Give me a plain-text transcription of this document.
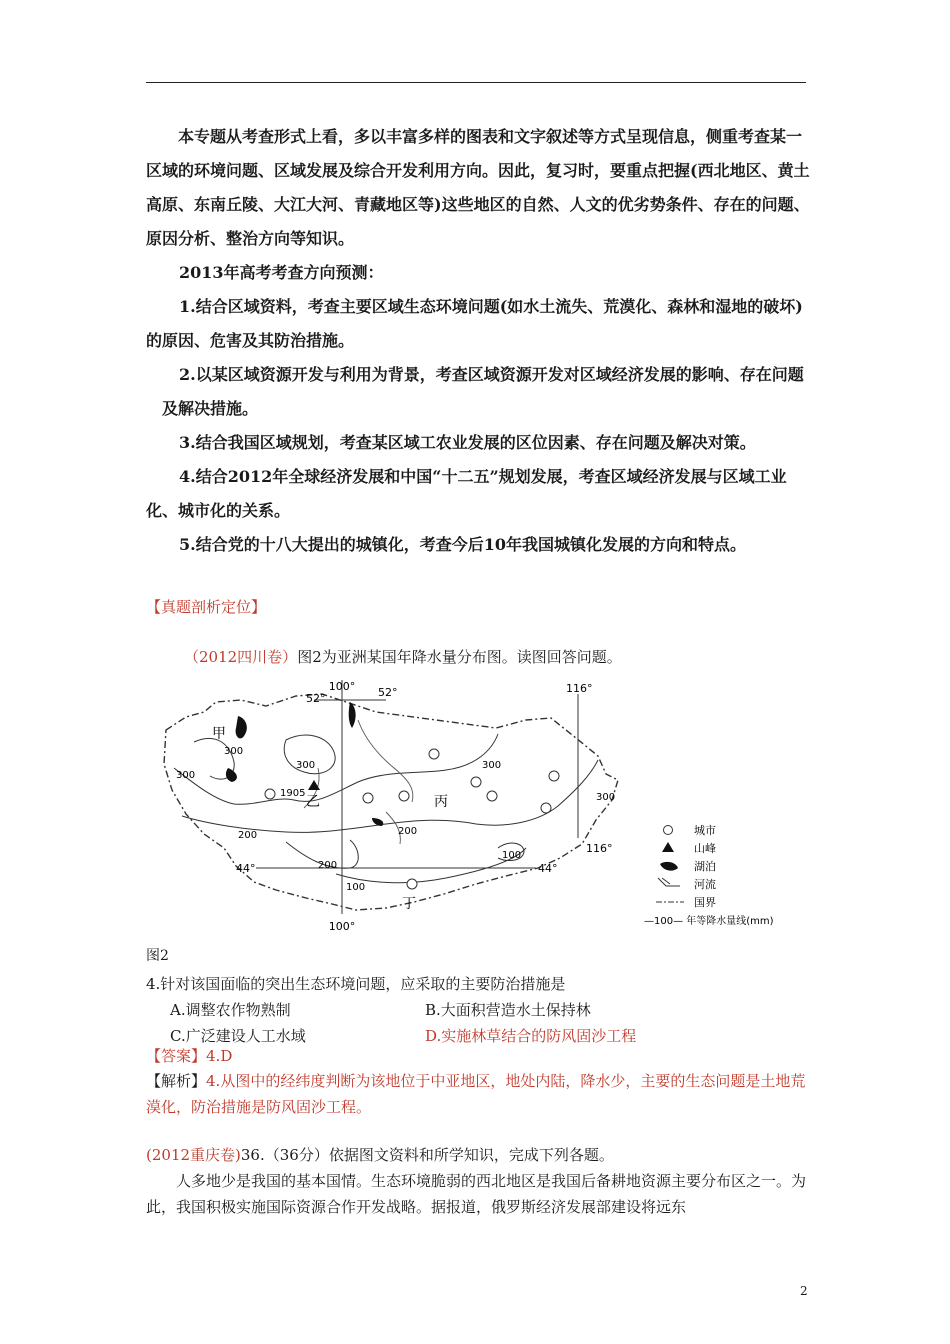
本专题从考查形式上看，多以丰富多样的图表和文字叙述等方式呈现信息，侧重考查某一区域的环境问题、区域发展及综合开发利用方向。因此，复习时，要重点把握(西北地区、黄土高原、东南丘陵、大江大河、青藏地区等)这些地区的自然、人文的优劣势条件、存在的问题、原因分析、整治方向等知识。

2013年高考考查方向预测：

1.结合区域资料，考查主要区域生态环境问题(如水土流失、荒漠化、森林和湿地的破坏)的原因、危害及其防治措施。

2.以某区域资源开发与利用为背景，考查区域资源开发对区域经济发展的影响、存在问题及解决措施。

3.结合我国区域规划，考查某区域工农业发展的区位因素、存在问题及解决对策。

4.结合2012年全球经济发展和中国“十二五”规划发展，考查区域经济发展与区域工业化、城市化的关系。

5.结合党的十八大提出的城镇化，考查今后10年我国城镇化发展的方向和特点。

【真题剖析定位】
（2012四川卷）图2为亚洲某国年降水量分布图。读图回答问题。
100°
100°
52°	52°	116°
116°
44°	44°
甲
乙	丙
丁
1905
300
300
300	300
300
200	200
200
100
100
城市
山峰
湖泊
河流
国界
—100— 年等降水量线(mm)
图2
4.针对该国面临的突出生态环境问题，应采取的主要防治措施是
A.调整农作物熟制	B.大面积营造水土保持林
C.广泛建设人工水域	D.实施林草结合的防风固沙工程
【答案】4.D
【解析】4.从图中的经纬度判断为该地位于中亚地区，地处内陆，降水少，主要的生态问题是土地荒漠化，防治措施是防风固沙工程。

(2012重庆卷)36.（36分）依据图文资料和所学知识，完成下列各题。

人多地少是我国的基本国情。生态环境脆弱的西北地区是我国后备耕地资源主要分布区之一。为此，我国积极实施国际资源合作开发战略。据报道，俄罗斯经济发展部建设将远东

2
